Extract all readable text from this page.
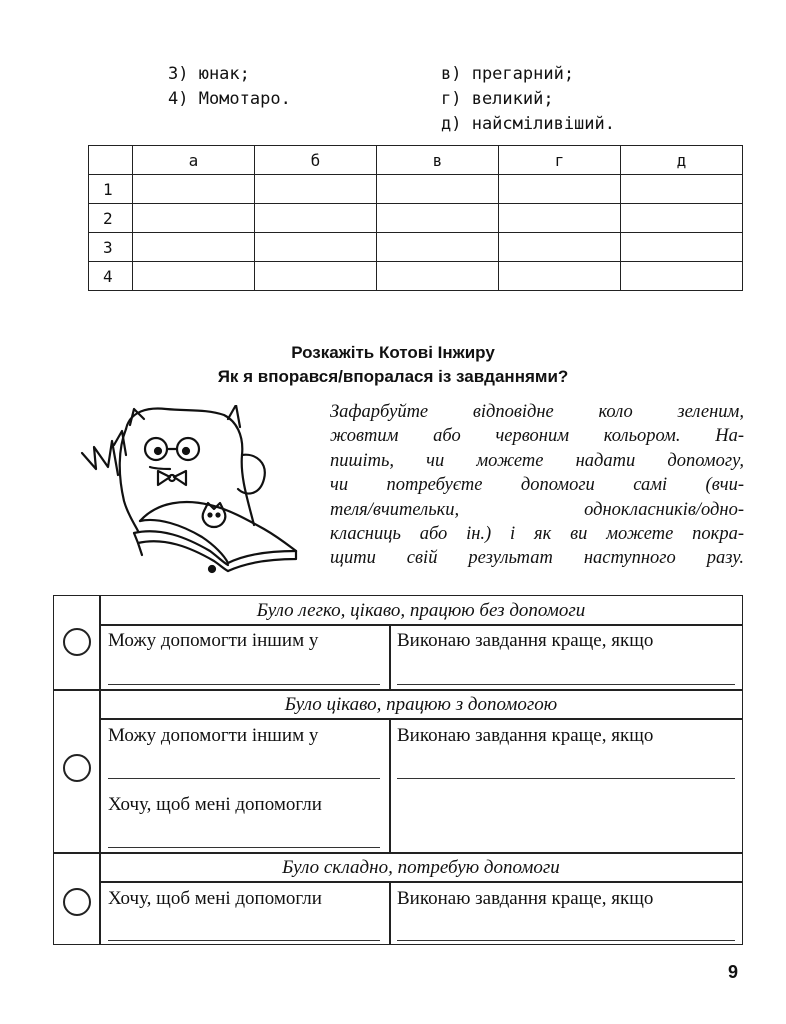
3) юнак;
4) Момотаро.
в) прегарний;
г) великий;
д) найсміливіший.
	а	б	в	г	д
1					
2					
3					
4					
Розкажіть Котові Інжиру
Як я впорався/впоралася із завданнями?
Зафарбуйте відповідне коло зеленим,
жовтим або червоним кольором. На-
пишіть, чи можете надати допомогу,
чи потребуєте допомоги самі (вчи-
теля/вчительки, однокласників/одно-
класниць або ін.) і як ви можете покра-
щити свій результат наступного разу.
Було легко, цікаво, працюю без допомоги
Можу допомогти іншим у	Виконаю завдання краще, якщо
Було цікаво, працюю з допомогою
Можу допомогти іншим у	Виконаю завдання краще, якщо
Хочу, щоб мені допомогли
Було складно, потребую допомоги
Хочу, щоб мені допомогли	Виконаю завдання краще, якщо
9
